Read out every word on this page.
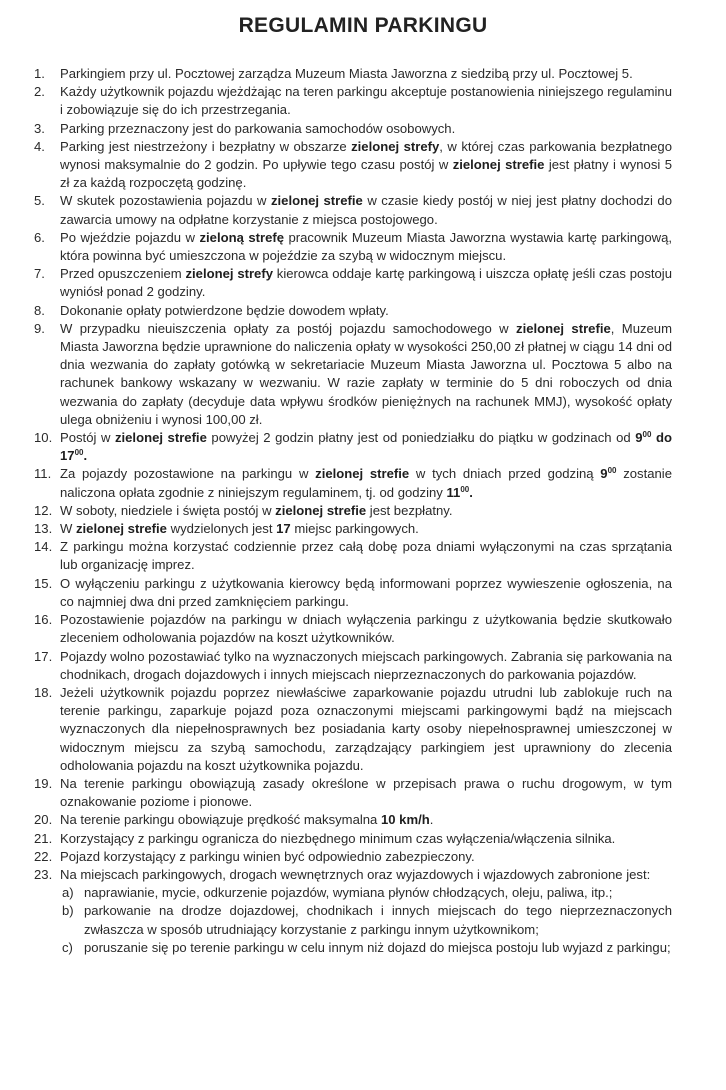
REGULAMIN PARKINGU
1. Parkingiem przy ul. Pocztowej zarządza Muzeum Miasta Jaworzna z siedzibą przy ul. Pocztowej 5.
2. Każdy użytkownik pojazdu wjeżdżając na teren parkingu akceptuje postanowienia niniejszego regulaminu i zobowiązuje się do ich przestrzegania.
3. Parking przeznaczony jest do parkowania samochodów osobowych.
4. Parking jest niestrzeżony i bezpłatny w obszarze zielonej strefy, w której czas parkowania bezpłatnego wynosi maksymalnie do 2 godzin. Po upływie tego czasu postój w zielonej strefie jest płatny i wynosi 5 zł za każdą rozpoczętą godzinę.
5. W skutek pozostawienia pojazdu w zielonej strefie w czasie kiedy postój w niej jest płatny dochodzi do zawarcia umowy na odpłatne korzystanie z miejsca postojowego.
6. Po wjeździe pojazdu w zieloną strefę pracownik Muzeum Miasta Jaworzna wystawia kartę parkingową, która powinna być umieszczona w pojeździe za szybą w widocznym miejscu.
7. Przed opuszczeniem zielonej strefy kierowca oddaje kartę parkingową i uiszcza opłatę jeśli czas postoju wyniósł ponad 2 godziny.
8. Dokonanie opłaty potwierdzone będzie dowodem wpłaty.
9. W przypadku nieuiszczenia opłaty za postój pojazdu samochodowego w zielonej strefie, Muzeum Miasta Jaworzna będzie uprawnione do naliczenia opłaty w wysokości 250,00 zł płatnej w ciągu 14 dni od dnia wezwania do zapłaty gotówką w sekretariacie Muzeum Miasta Jaworzna ul. Pocztowa 5 albo na rachunek bankowy wskazany w wezwaniu. W razie zapłaty w terminie do 5 dni roboczych od dnia wezwania do zapłaty (decyduje data wpływu środków pieniężnych na rachunek MMJ), wysokość opłaty ulega obniżeniu i wynosi 100,00 zł.
10. Postój w zielonej strefie powyżej 2 godzin płatny jest od poniedziałku do piątku w godzinach od $9^{00}$ do $17^{00}$.
11. Za pojazdy pozostawione na parkingu w zielonej strefie w tych dniach przed godziną $9^{00}$ zostanie naliczona opłata zgodnie z niniejszym regulaminem, tj. od godziny $11^{00}$.
12. W soboty, niedziele i święta postój w zielonej strefie jest bezpłatny.
13. W zielonej strefie wydzielonych jest 17 miejsc parkingowych.
14. Z parkingu można korzystać codziennie przez całą dobę poza dniami wyłączonymi na czas sprzątania lub organizację imprez.
15. O wyłączeniu parkingu z użytkowania kierowcy będą informowani poprzez wywieszenie ogłoszenia, na co najmniej dwa dni przed zamknięciem parkingu.
16. Pozostawienie pojazdów na parkingu w dniach wyłączenia parkingu z użytkowania będzie skutkowało zleceniem odholowania pojazdów na koszt użytkowników.
17. Pojazdy wolno pozostawiać tylko na wyznaczonych miejscach parkingowych. Zabrania się parkowania na chodnikach, drogach dojazdowych i innych miejscach nieprzeznaczonych do parkowania pojazdów.
18. Jeżeli użytkownik pojazdu poprzez niewłaściwe zaparkowanie pojazdu utrudni lub zablokuje ruch na terenie parkingu, zaparkuje pojazd poza oznaczonymi miejscami parkingowymi bądź na miejscach wyznaczonych dla niepełnosprawnych bez posiadania karty osoby niepełnosprawnej umieszczonej w widocznym miejscu za szybą samochodu, zarządzający parkingiem jest uprawniony do zlecenia odholowania pojazdu na koszt użytkownika pojazdu.
19. Na terenie parkingu obowiązują zasady określone w przepisach prawa o ruchu drogowym, w tym oznakowanie poziome i pionowe.
20. Na terenie parkingu obowiązuje prędkość maksymalna 10 km/h.
21. Korzystający z parkingu ogranicza do niezbędnego minimum czas wyłączenia/włączenia silnika.
22. Pojazd korzystający z parkingu winien być odpowiednio zabezpieczony.
23. Na miejscach parkingowych, drogach wewnętrznych oraz wyjazdowych i wjazdowych zabronione jest:
a) naprawianie, mycie, odkurzenie pojazdów, wymiana płynów chłodzących, oleju, paliwa, itp.;
b) parkowanie na drodze dojazdowej, chodnikach i innych miejscach do tego nieprzeznaczonych zwłaszcza w sposób utrudniający korzystanie z parkingu innym użytkownikom;
c) poruszanie się po terenie parkingu w celu innym niż dojazd do miejsca postoju lub wyjazd z parkingu;
